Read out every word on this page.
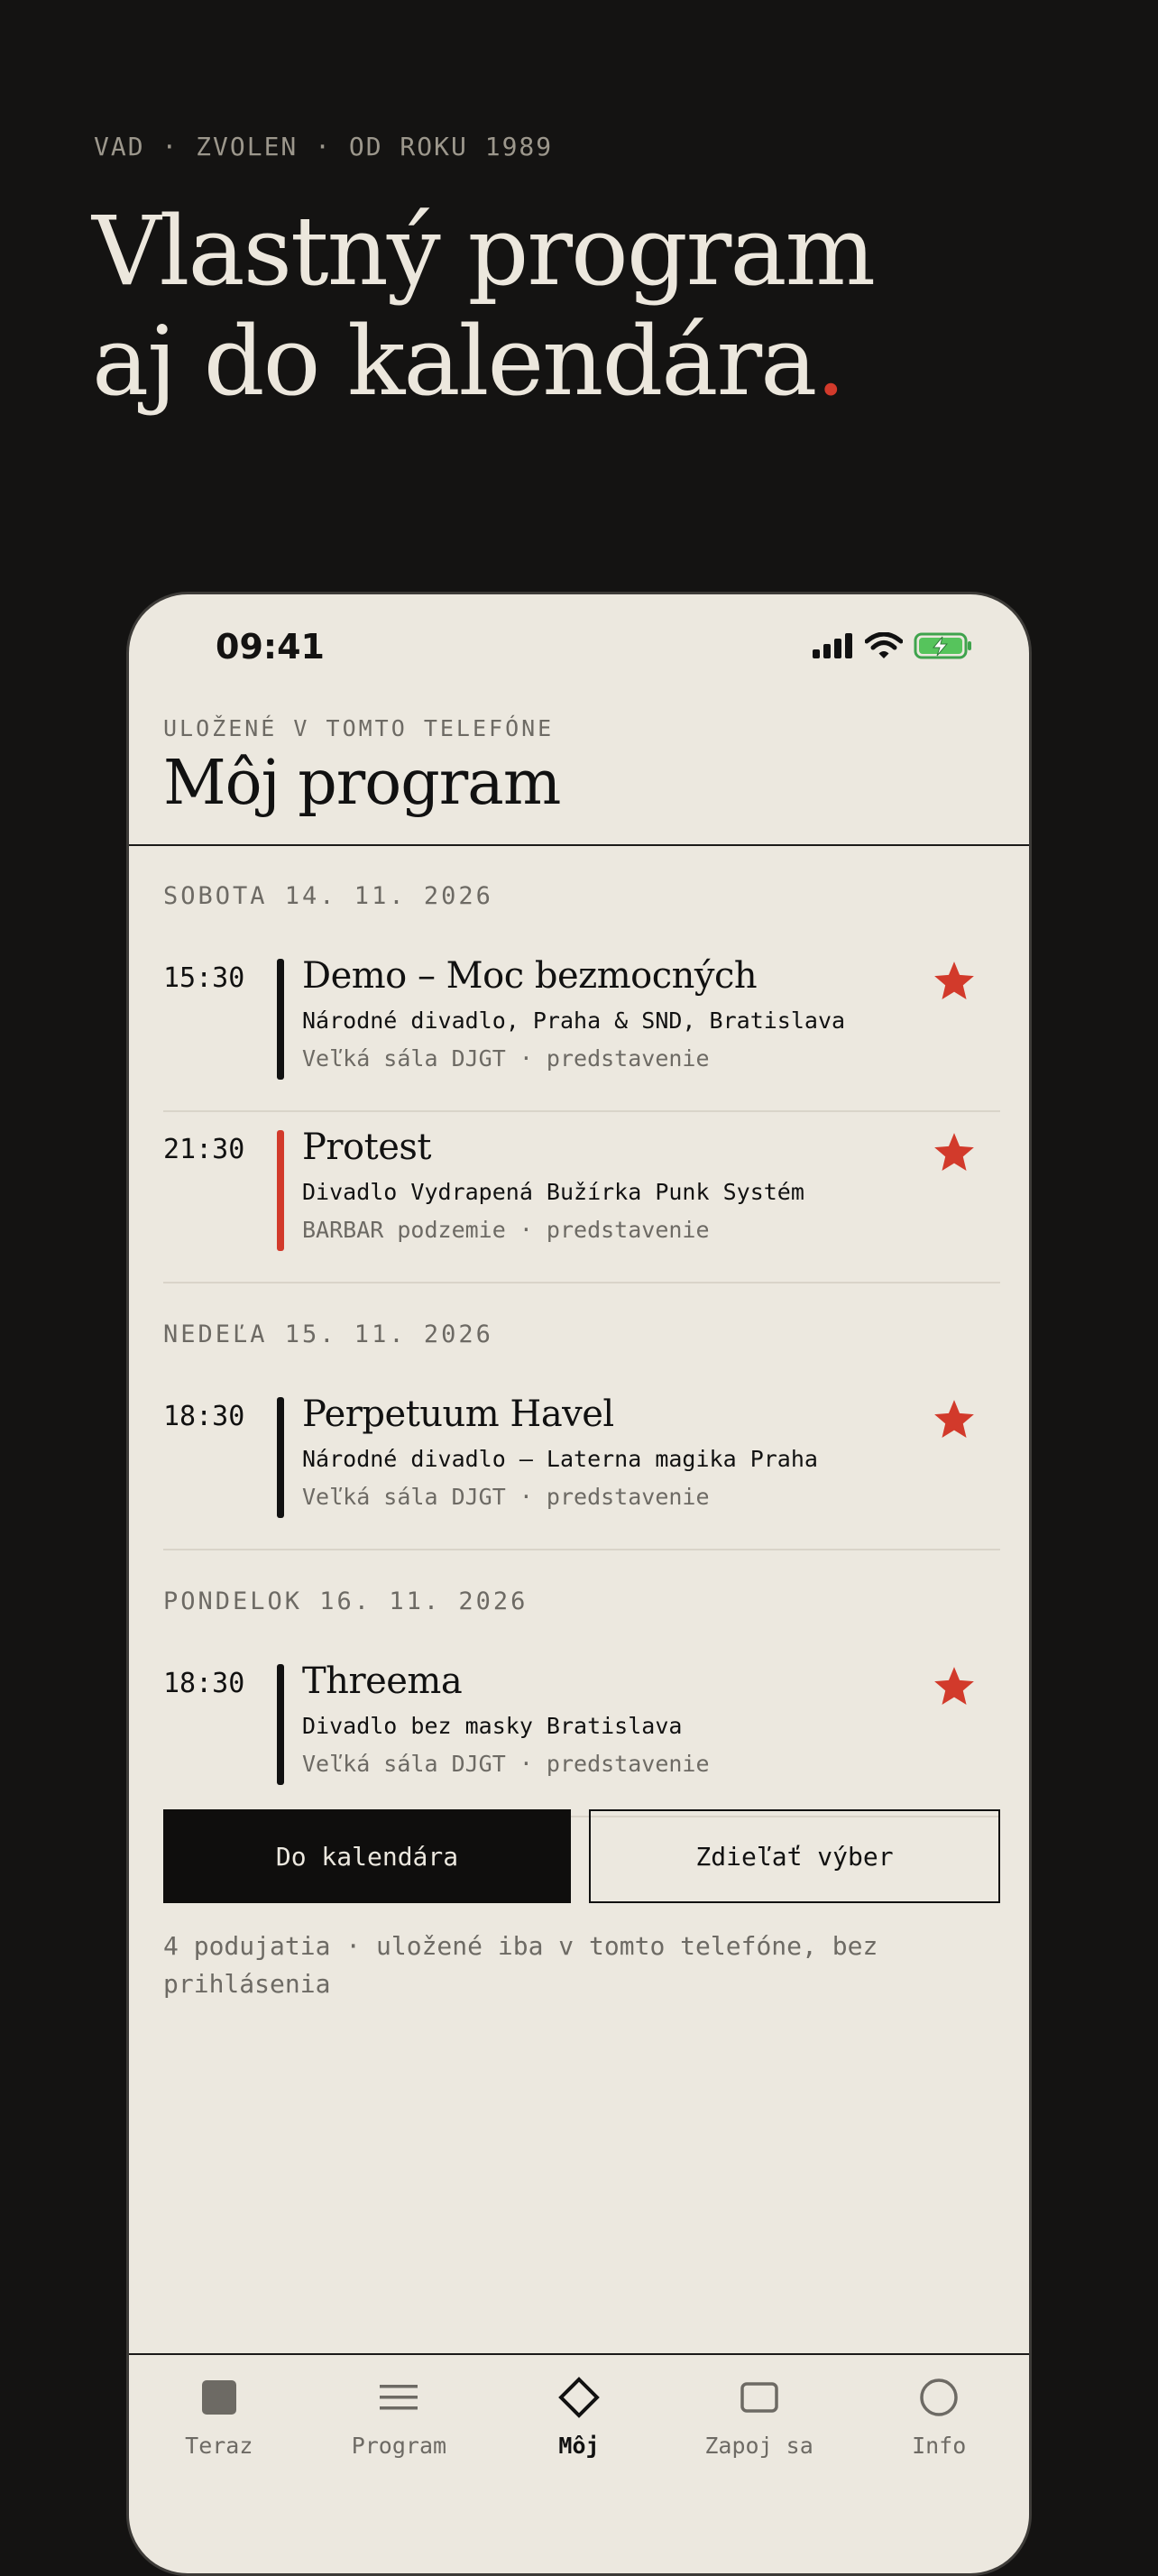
VAD · ZVOLEN · OD ROKU 1989
Vlastný program
aj do kalendára.
09:41
ULOŽENÉ V TOMTO TELEFÓNE
Môj program
SOBOTA 14. 11. 2026
15:30 Demo – Moc bezmocných
Národné divadlo, Praha & SND, Bratislava
Veľká sála DJGT · predstavenie
21:30 Protest
Divadlo Vydrapená Bužírka Punk Systém
BARBAR podzemie · predstavenie
NEDEĽA 15. 11. 2026
18:30 Perpetuum Havel
Národné divadlo – Laterna magika Praha
Veľká sála DJGT · predstavenie
PONDELOK 16. 11. 2026
18:30 Threema
Divadlo bez masky Bratislava
Veľká sála DJGT · predstavenie
Do kalendára	Zdieľať výber
4 podujatia · uložené iba v tomto telefóne, bez prihlásenia
Teraz	Program	Môj	Zapoj sa	Info
